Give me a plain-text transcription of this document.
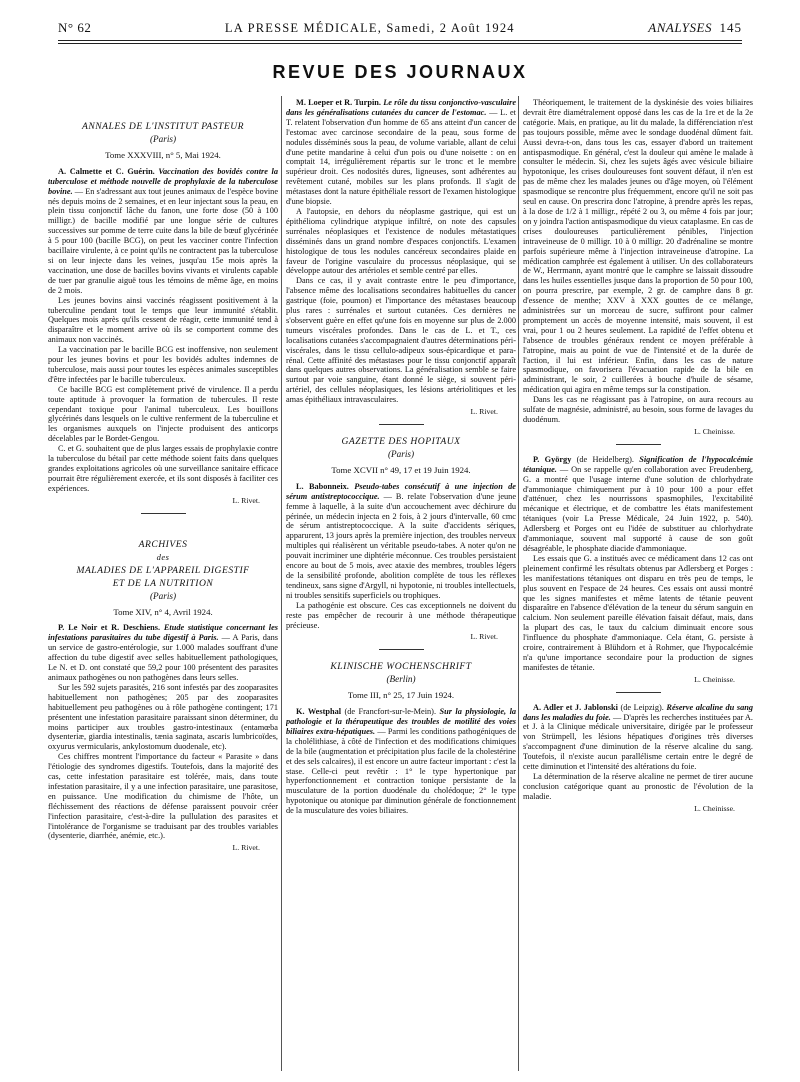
N° 62	LA PRESSE MÉDICALE, Samedi, 2 Août 1924	ANALYSES 145
REVUE DES JOURNAUX
ANNALES DE L'INSTITUT PASTEUR
(Paris)
Tome XXXVIII, n° 5, Mai 1924.

A. Calmette et C. Guérin. Vaccination des bovidés contre la tuberculose et méthode nouvelle de prophylaxie de la tuberculose bovine. — En s'adressant aux tout jeunes animaux de l'espèce bovine nés depuis moins de 2 semaines, et en leur injectant sous la peau, en plein tissu conjonctif lâche du fanon, une forte dose (50 à 100 milligr.) de bacille modifié par une longue série de cultures successives sur pomme de terre cuite dans la bile de bœuf glycérinée à 5 pour 100 (bacille BCG), on peut les vacciner contre l'infection bacillaire virulente, à ce point qu'ils ne contractent pas la tuberculose si on leur injecte dans les veines, jusqu'au 15e mois après la vaccination, une dose de bacilles bovins vivants et virulents capable de tuer par granulie aiguë tous les témoins de même âge, en moins de 2 mois.

Les jeunes bovins ainsi vaccinés réagissent positivement à la tuberculine pendant tout le temps que leur immunité s'établit. Quelques mois après qu'ils cessent de réagir, cette immunité tend à disparaître et le moment arrive où ils se comportent comme des animaux non vaccinés.

La vaccination par le bacille BCG est inoffensive, non seulement pour les jeunes bovins et pour les bovidés adultes indemnes de tuberculose, mais aussi pour toutes les espèces animales susceptibles d'être infectées par le bacille tuberculeux.

Ce bacille BCG est complètement privé de virulence. Il a perdu toute aptitude à provoquer la formation de tubercules. Il reste cependant toxique pour l'animal tuberculeux. Les bouillons glycérinés dans lesquels on le cultive renferment de la tuberculine et les organismes auxquels on l'injecte produisent des anticorps décelables par le Bordet-Gengou.

C. et G. souhaitent que de plus larges essais de prophylaxie contre la tuberculose du bétail par cette méthode soient faits dans quelques grandes exploitations agricoles où une surveillance sanitaire efficace pourrait être régulièrement exercée, et ils sont disposés à faciliter ces expériences.

L. Rivet.
ARCHIVES
des
MALADIES DE L'APPAREIL DIGESTIF
ET DE LA NUTRITION
(Paris)
Tome XIV, n° 4, Avril 1924.

P. Le Noir et R. Deschiens. Etude statistique concernant les infestations parasitaires du tube digestif à Paris. — A Paris, dans un service de gastro-entérologie, sur 1.000 malades souffrant d'une affection du tube digestif avec selles habituellement pathologiques, Le N. et D. ont constaté que 59,2 pour 100 présentent des parasites animaux pathogènes ou non pathogènes dans leurs selles.

Sur les 592 sujets parasités, 216 sont infestés par des zooparasites habituellement non pathogènes; 205 par des zooparasites habituellement peu pathogènes ou à rôle pathogène contingent; 171 présentent une infestation parasitaire paraissant sinon déterminer, du moins participer aux troubles gastro-intestinaux (entamœba dysenteriæ, giardia intestinalis, tænia saginata, ascaris lumbricoïdes, oxyurus vermicularis, ankylostomum duodenale, etc).

Ces chiffres montrent l'importance du facteur « Parasite » dans l'étiologie des syndromes digestifs. Toutefois, dans la majorité des cas, cette infestation parasitaire est tolérée, mais, dans toute infestation parasitaire, il y a une infection parasitaire, une parasitose, en puissance. Une modification du chimisme de l'hôte, un fléchissement des réactions de défense paraissent pouvoir créer l'infection parasitaire, c'est-à-dire la pullulation des parasites et l'intolérance de l'organisme se traduisant par des troubles variables (dysenterie, diarrhée, anémie, etc.).

L. Rivet.

M. Loeper et R. Turpin. Le rôle du tissu conjonctivo-vasculaire dans les généralisations cutanées du cancer de l'estomac. — L. et T. relatent l'observation d'un homme de 65 ans atteint d'un cancer de l'estomac avec carcinose secondaire de la peau, sous forme de nodules disséminés sous la peau, de volume variable, allant de celui d'une petite mandarine à celui d'un pois ou d'une noisette : on en comptait 14, irrégulièrement répartis sur le tronc et le membre supérieur droit. Ces nodosités dures, ligneuses, sont adhérentes au revêtement cutané, mobiles sur les plans profonds. Il s'agit de métastases dont la nature épithéliale ressort de l'examen histologique d'une biopsie.

A l'autopsie, en dehors du néoplasme gastrique, qui est un épithélioma cylindrique atypique infiltré, on note des capsules surrénales néoplasiques et l'existence de nodules métastatiques disséminés dans un grand nombre d'espaces conjonctifs. L'examen histologique de tous les nodules cancéreux secondaires plaide en faveur de l'origine vasculaire du processus néoplasique, qui se développe autour des artérioles et semble centré par elles.

Dans ce cas, il y avait contraste entre le peu d'importance, l'absence même des localisations secondaires habituelles du cancer gastrique (foie, poumon) et l'importance des métastases beaucoup plus rares : surrénales et surtout cutanées. Ces dernières ne s'observent guère en effet qu'une fois en moyenne sur plus de 2.000 tumeurs viscérales profondes. Dans le cas de L. et T., ces localisations cutanées s'accompagnaient d'autres déterminations péri-viscérales, dans le tissu cellulo-adipeux sous-épicardique et para-rénal. Cette affinité des métastases pour le tissu conjonctif apparaît dans quelques autres observations. La généralisation semble se faire surtout par voie sanguine, étant donné le siège, si souvent péri-artériel, des cellules néoplasiques, les lésions artériolitiques et les amas épithéliaux intravasculaires.

L. Rivet.
GAZETTE DES HOPITAUX
(Paris)
Tome XCVII n° 49, 17 et 19 Juin 1924.

L. Babonneix. Pseudo-tabes consécutif à une injection de sérum antistreptococcique. — B. relate l'observation d'une jeune femme à laquelle, à la suite d'un accouchement avec déchirure du périnée, un médecin injecta en 2 fois, à 2 jours d'intervalle, 60 cmc de sérum antistreptococcique. A la suite d'accidents sériques, apparurent, 13 jours après la première injection, des troubles nerveux multiples qui réalisèrent un véritable pseudo-tabes. A noter qu'on ne pouvait incriminer une diphtérie méconnue. Ces troubles persistaient encore au bout de 5 mois, avec ataxie des membres, troubles légers de la sensibilité profonde, abolition complète de tous les réflexes tendineux, sans signe d'Argyll, ni hypotonie, ni troubles intellectuels, ni troubles sensitifs superficiels ou trophiques.

La pathogénie est obscure. Ces cas exceptionnels ne doivent du reste pas empêcher de recourir à une méthode thérapeutique précieuse.

L. Rivet.
KLINISCHE WOCHENSCHRIFT
(Berlin)
Tome III, n° 25, 17 Juin 1924.

K. Westphal (de Francfort-sur-le-Mein). Sur la physiologie, la pathologie et la thérapeutique des troubles de motilité des voies biliaires extra-hépatiques. — Parmi les conditions pathogéniques de la cholélithiase, à côté de l'infection et des modifications chimiques de la bile (augmentation et précipitation plus facile de la cholestérine et des sels calcaires), il est encore un autre facteur important : c'est la stase. Celle-ci peut revêtir : 1° le type hypertonique par hyperfonctionnement et contraction tonique persistante de la musculature de la portion duodénale du cholédoque; 2° le type hypotonique ou atonique par diminution générale de fonctionnement de la musculature des voies biliaires.

Théoriquement, le traitement de la dyskinésie des voies biliaires devrait être diamétralement opposé dans les cas de la 1re et de la 2e catégorie. Mais, en pratique, au lit du malade, la différenciation n'est pas toujours possible, même avec le sondage duodénal dûment fait. Aussi devra-t-on, dans tous les cas, essayer d'abord un traitement antispasmodique. En général, c'est la douleur qui amène le malade à consulter le médecin. Si, chez les sujets âgés avec vésicule biliaire hypotonique, les crises douloureuses font souvent défaut, il n'en est pas de même chez les malades jeunes ou d'âge moyen, où l'élément spasmodique se rencontre plus fréquemment, encore qu'il ne soit pas seul en cause. On prescrira donc l'atropine, à prendre après les repas, à la dose de 1/2 à 1 milligr., répété 2 ou 3, ou même 4 fois par jour; on y joindra l'action antispasmodique du vieux cataplasme. En cas de crises douloureuses particulièrement pénibles, l'injection intraveineuse de 0 milligr. 10 à 0 milligr. 20 d'adrénaline se montre parfois supérieure même à l'injection intraveineuse d'atropine. La médication camphrée est également à utiliser. Un des collaborateurs de W., Herrmann, ayant montré que le camphre se laissait dissoudre dans les huiles essentielles jusque dans la proportion de 50 pour 100, on pourra prescrire, par exemple, 2 gr. de camphre dans 8 gr. d'essence de menthe; XXV à XXX gouttes de ce mélange, administrées sur un morceau de sucre, suffiront pour calmer promptement un accès de moyenne intensité, mais souvent, il est vrai, pour 1 ou 2 heures seulement. La rapidité de l'effet obtenu et l'absence de troubles généraux rendent ce moyen préférable à l'atropine, mais au point de vue de l'intensité et de la durée de l'action, il lui est inférieur. Enfin, dans les cas de nature spasmodique, on favorisera l'évacuation rapide de la bile en administrant, le soir, 2 cuillerées à bouche d'huile de sésame, médication qui agira en même temps sur la constipation.

Dans les cas ne réagissant pas à l'atropine, on aura recours au sulfate de magnésie, administré, au besoin, sous forme de lavages du duodénum.

L. Cheinisse.

P. György (de Heidelberg). Signification de l'hypocalcémie tétanique. — On se rappelle qu'en collaboration avec Freudenberg, G. a montré que l'usage interne d'une solution de chlorhydrate d'ammoniaque chimiquement pur à 10 pour 100 a pour effet d'atténuer, chez les nourrissons spasmophiles, l'excitabilité mécanique et électrique, et de combattre les états manifestement tétaniques (voir La Presse Médicale, 24 Juin 1922, p. 540). Adlersberg et Porges ont eu l'idée de substituer au chlorhydrate d'ammoniaque, souvent mal supporté à cause de son goût désagréable, le phosphate diacide d'ammoniaque.

Les essais que G. a institués avec ce médicament dans 12 cas ont pleinement confirmé les résultats obtenus par Adlersberg et Porges : les manifestations tétaniques ont disparu en très peu de temps, le plus souvent en l'espace de 24 heures. Ces essais ont aussi montré que les signes manifestes et même latents de tétanie peuvent disparaître en l'absence d'élévation de la teneur du sérum sanguin en calcium. Non seulement pareille élévation faisait défaut, mais, dans la plupart des cas, le taux du calcium diminuait encore sous l'influence du phosphate d'ammoniaque. Cela étant, G. persiste à croire, contrairement à Blühdorn et à Rohmer, que l'hypocalcémie n'a qu'une importance secondaire pour la production de signes manifestes de tétanie.

L. Cheinisse.

A. Adler et J. Jablonski (de Leipzig). Réserve alcaline du sang dans les maladies du foie. — D'après les recherches instituées par A. et J. à la Clinique médicale universitaire, dirigée par le professeur von Strümpell, les lésions hépatiques d'origines très diverses s'accompagnent d'une diminution de la réserve alcaline du sang. Toutefois, il n'existe aucun parallélisme certain entre le degré de cette diminution et l'intensité des altérations du foie.

La détermination de la réserve alcaline ne permet de tirer aucune conclusion catégorique quant au pronostic de l'évolution de la maladie.

L. Cheinisse.
